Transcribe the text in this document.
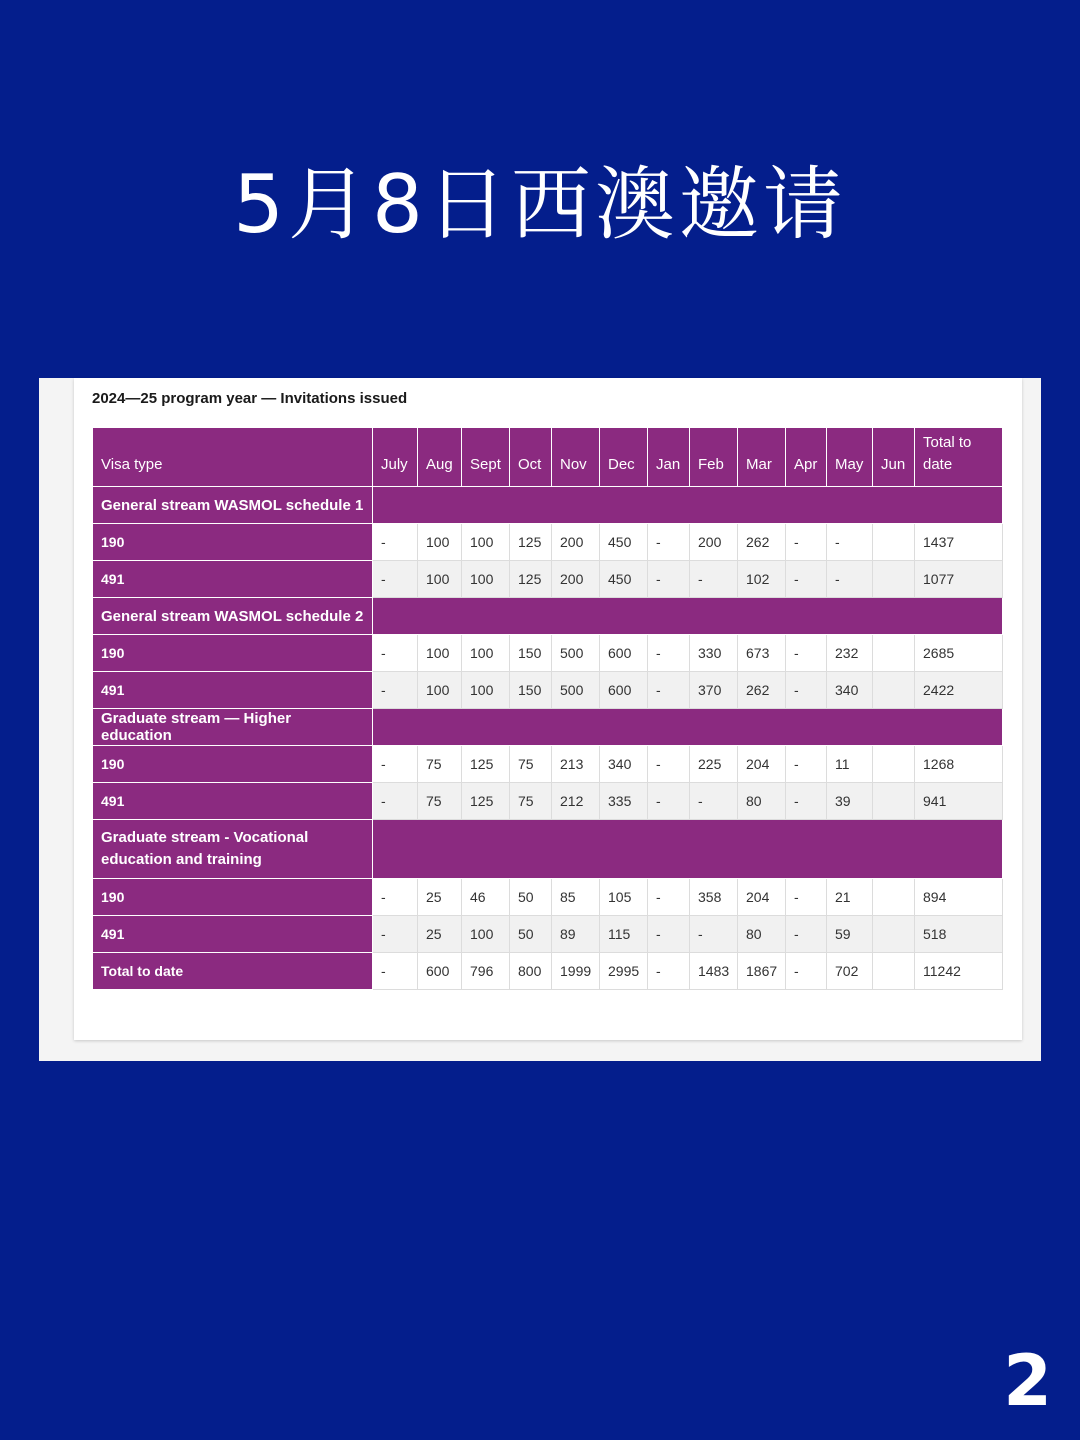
5月8日西澳邀请
2024—25 program year — Invitations issued
Visa type	July	Aug	Sept	Oct	Nov	Dec	Jan	Feb	Mar	Apr	May	Jun	Total to date
General stream WASMOL schedule 1													
190	-	100	100	125	200	450	-	200	262	-	-		1437
491	-	100	100	125	200	450	-	-	102	-	-		1077
General stream WASMOL schedule 2													
190	-	100	100	150	500	600	-	330	673	-	232		2685
491	-	100	100	150	500	600	-	370	262	-	340		2422
Graduate stream — Higher education													
190	-	75	125	75	213	340	-	225	204	-	11		1268
491	-	75	125	75	212	335	-	-	80	-	39		941
Graduate stream - Vocational education and training													
190	-	25	46	50	85	105	-	358	204	-	21		894
491	-	25	100	50	89	115	-	-	80	-	59		518
Total to date	-	600	796	800	1999	2995	-	1483	1867	-	702		11242
2
